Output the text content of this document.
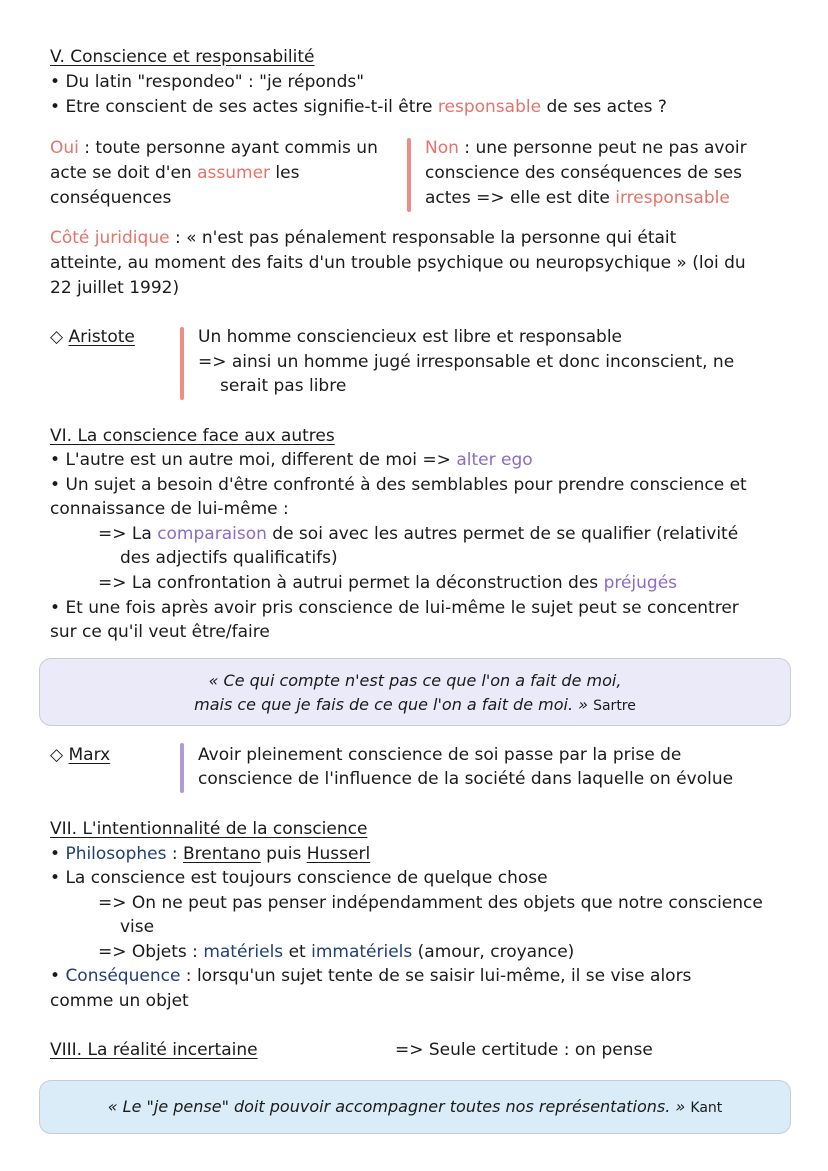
V. Conscience et responsabilité
• Du latin "respondeo" : "je réponds"
• Etre conscient de ses actes signifie-t-il être responsable de ses actes ?
Oui : toute personne ayant commis un
acte se doit d'en assumer les
conséquences
Non : une personne peut ne pas avoir
conscience des conséquences de ses
actes => elle est dite irresponsable
Côté juridique : « n'est pas pénalement responsable la personne qui était
atteinte, au moment des faits d'un trouble psychique ou neuropsychique » (loi du
22 juillet 1992)
◇ Aristote	Un homme consciencieux est libre et responsable
=> ainsi un homme jugé irresponsable et donc inconscient, ne
serait pas libre
VI. La conscience face aux autres
• L'autre est un autre moi, different de moi => alter ego
• Un sujet a besoin d'être confronté à des semblables pour prendre conscience et
connaissance de lui-même :
=> La comparaison de soi avec les autres permet de se qualifier (relativité
des adjectifs qualificatifs)
=> La confrontation à autrui permet la déconstruction des préjugés
• Et une fois après avoir pris conscience de lui-même le sujet peut se concentrer
sur ce qu'il veut être/faire
« Ce qui compte n'est pas ce que l'on a fait de moi,
mais ce que je fais de ce que l'on a fait de moi. » Sartre
◇ Marx	Avoir pleinement conscience de soi passe par la prise de
conscience de l'influence de la société dans laquelle on évolue
VII. L'intentionnalité de la conscience
• Philosophes : Brentano puis Husserl
• La conscience est toujours conscience de quelque chose
=> On ne peut pas penser indépendamment des objets que notre conscience
vise
=> Objets : matériels et immatériels (amour, croyance)
• Conséquence : lorsqu'un sujet tente de se saisir lui-même, il se vise alors
comme un objet
VIII. La réalité incertaine	=> Seule certitude : on pense
« Le "je pense" doit pouvoir accompagner toutes nos représentations. » Kant
